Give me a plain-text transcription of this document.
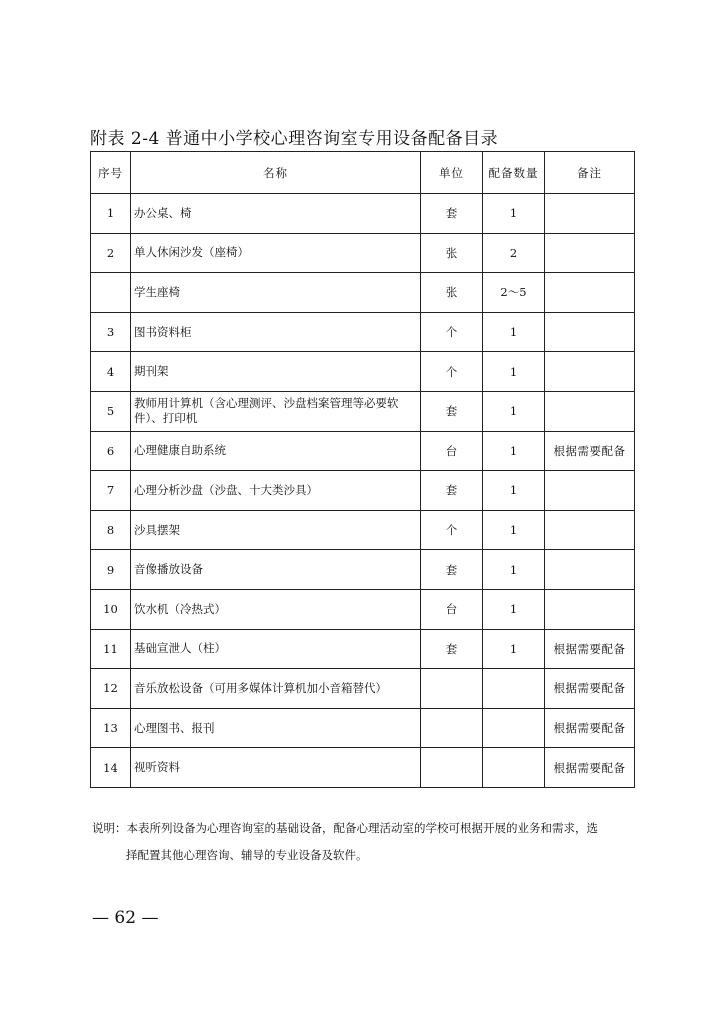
附表 2-4 普通中小学校心理咨询室专用设备配备目录
序号	名称	单位	配备数量	备注
1	办公桌、椅	套	1	
2	单人休闲沙发（座椅）	张	2	
	学生座椅	张	2～5	
3	图书资料柜	个	1	
4	期刊架	个	1	
5	教师用计算机（含心理测评、沙盘档案管理等必要软件）、打印机	套	1	
6	心理健康自助系统	台	1	根据需要配备
7	心理分析沙盘（沙盘、十大类沙具）	套	1	
8	沙具摆架	个	1	
9	音像播放设备	套	1	
10	饮水机（冷热式）	台	1	
11	基础宣泄人（柱）	套	1	根据需要配备
12	音乐放松设备（可用多媒体计算机加小音箱替代）			根据需要配备
13	心理图书、报刊			根据需要配备
14	视听资料			根据需要配备
说明：本表所列设备为心理咨询室的基础设备，配备心理活动室的学校可根据开展的业务和需求，选
择配置其他心理咨询、辅导的专业设备及软件。
— 62 —
